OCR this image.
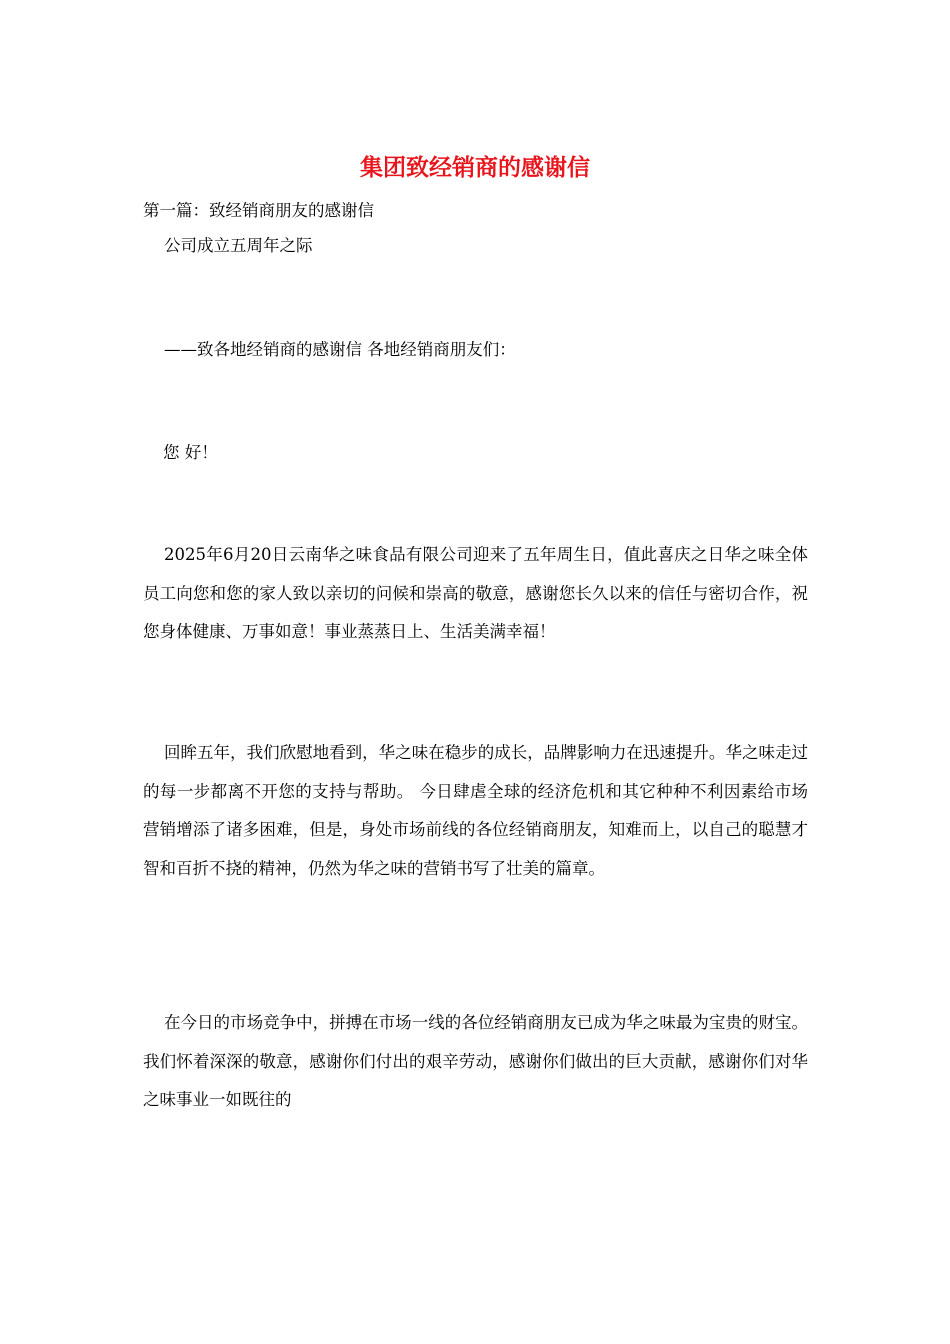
集团致经销商的感谢信

第一篇：致经销商朋友的感谢信

公司成立五周年之际

——致各地经销商的感谢信 各地经销商朋友们：

您 好！

2025年6月20日云南华之味食品有限公司迎来了五年周生日，值此喜庆之日华之味全体员工向您和您的家人致以亲切的问候和崇高的敬意，感谢您长久以来的信任与密切合作，祝您身体健康、万事如意！事业蒸蒸日上、生活美满幸福！

回眸五年，我们欣慰地看到，华之味在稳步的成长，品牌影响力在迅速提升。华之味走过的每一步都离不开您的支持与帮助。 今日肆虐全球的经济危机和其它种种不利因素给市场营销增添了诸多困难，但是，身处市场前线的各位经销商朋友，知难而上，以自己的聪慧才智和百折不挠的精神，仍然为华之味的营销书写了壮美的篇章。

在今日的市场竞争中，拼搏在市场一线的各位经销商朋友已成为华之味最为宝贵的财宝。我们怀着深深的敬意，感谢你们付出的艰辛劳动，感谢你们做出的巨大贡献，感谢你们对华之味事业一如既往的
